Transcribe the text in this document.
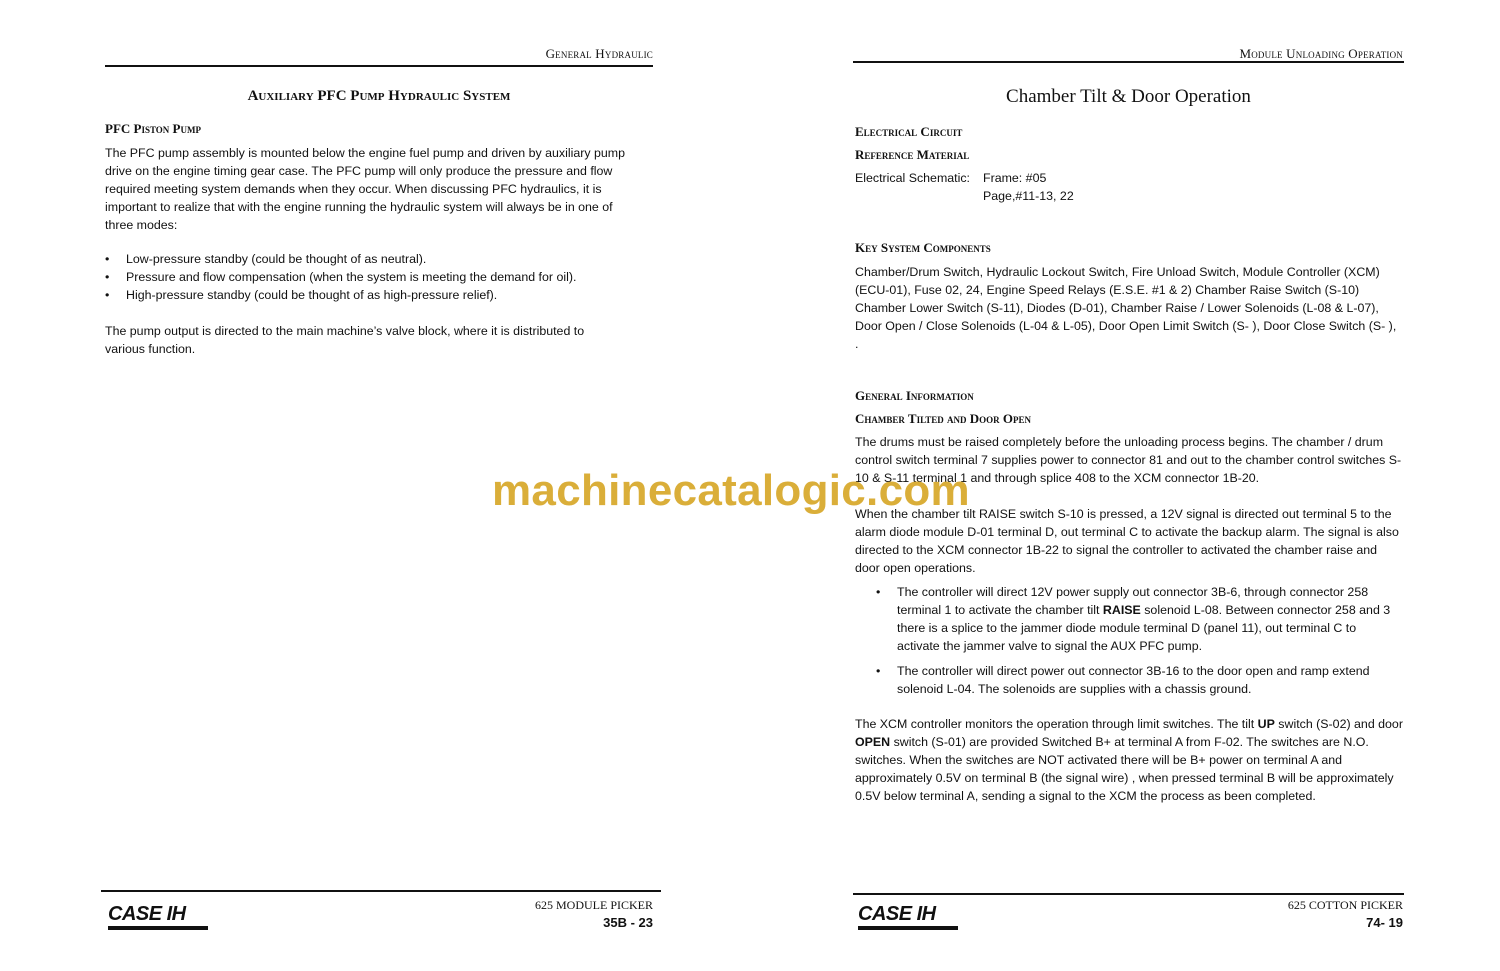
General Hydraulic
Auxiliary PFC Pump Hydraulic System
PFC Piston Pump
The PFC pump assembly is mounted below the engine fuel pump and driven by auxiliary pump drive on the engine timing gear case. The PFC pump will only produce the pressure and flow required meeting system demands when they occur. When discussing PFC hydraulics, it is important to realize that with the engine running the hydraulic system will always be in one of three modes:
• Low-pressure standby (could be thought of as neutral).
• Pressure and flow compensation (when the system is meeting the demand for oil).
• High-pressure standby (could be thought of as high-pressure relief).
The pump output is directed to the main machine’s valve block, where it is distributed to various function.
CASE IH	625 MODULE PICKER
35B - 23
Module Unloading Operation
Chamber Tilt & Door Operation
Electrical Circuit
Reference Material
Electrical Schematic: Frame: #05
Page,#11-13, 22
Key System Components
Chamber/Drum Switch, Hydraulic Lockout Switch, Fire Unload Switch, Module Controller (XCM) (ECU-01), Fuse 02, 24, Engine Speed Relays (E.S.E. #1 & 2) Chamber Raise Switch (S-10) Chamber Lower Switch (S-11), Diodes (D-01), Chamber Raise / Lower Solenoids (L-08 & L-07), Door Open / Close Solenoids (L-04 & L-05), Door Open Limit Switch (S- ), Door Close Switch (S- ), .
General Information
Chamber Tilted and Door Open
The drums must be raised completely before the unloading process begins. The chamber / drum control switch terminal 7 supplies power to connector 81 and out to the chamber control switches S-10 & S-11 terminal 1 and through splice 408 to the XCM connector 1B-20.
When the chamber tilt RAISE switch S-10 is pressed, a 12V signal is directed out terminal 5 to the alarm diode module D-01 terminal D, out terminal C to activate the backup alarm. The signal is also directed to the XCM connector 1B-22 to signal the controller to activated the chamber raise and door open operations.
• The controller will direct 12V power supply out connector 3B-6, through connector 258 terminal 1 to activate the chamber tilt RAISE solenoid L-08. Between connector 258 and 3 there is a splice to the jammer diode module terminal D (panel 11), out terminal C to activate the jammer valve to signal the AUX PFC pump.
• The controller will direct power out connector 3B-16 to the door open and ramp extend solenoid L-04. The solenoids are supplies with a chassis ground.
The XCM controller monitors the operation through limit switches. The tilt UP switch (S-02) and door OPEN switch (S-01) are provided Switched B+ at terminal A from F-02. The switches are N.O. switches. When the switches are NOT activated there will be B+ power on terminal A and approximately 0.5V on terminal B (the signal wire) , when pressed terminal B will be approximately 0.5V below terminal A, sending a signal to the XCM the process as been completed.
CASE IH	625 COTTON PICKER
74- 19
machinecatalogic.com
